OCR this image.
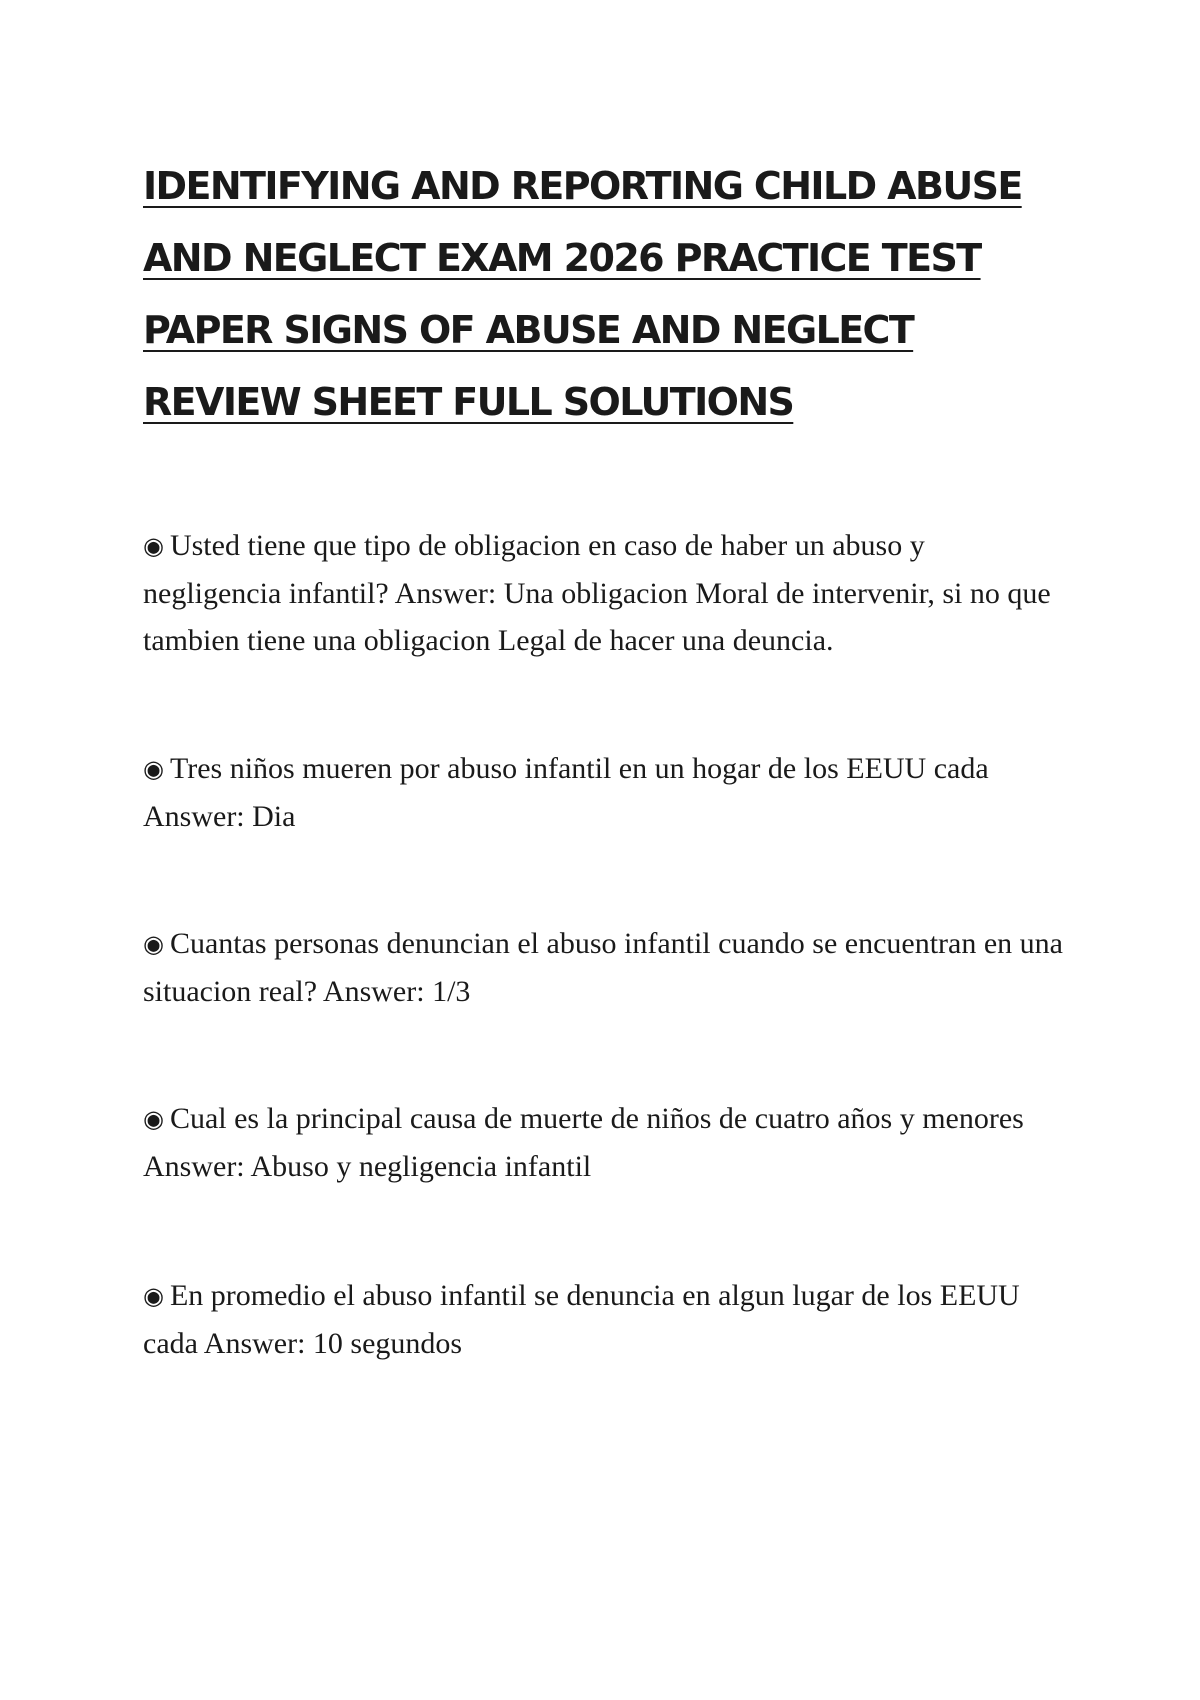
IDENTIFYING AND REPORTING CHILD ABUSE AND NEGLECT EXAM 2026 PRACTICE TEST PAPER SIGNS OF ABUSE AND NEGLECT REVIEW SHEET FULL SOLUTIONS

◉ Usted tiene que tipo de obligacion en caso de haber un abuso y negligencia infantil? Answer: Una obligacion Moral de intervenir, si no que tambien tiene una obligacion Legal de hacer una deuncia.

◉ Tres niños mueren por abuso infantil en un hogar de los EEUU cada Answer: Dia

◉ Cuantas personas denuncian el abuso infantil cuando se encuentran en una situacion real? Answer: 1/3

◉ Cual es la principal causa de muerte de niños de cuatro años y menores Answer: Abuso y negligencia infantil

◉ En promedio el abuso infantil se denuncia en algun lugar de los EEUU cada Answer: 10 segundos
